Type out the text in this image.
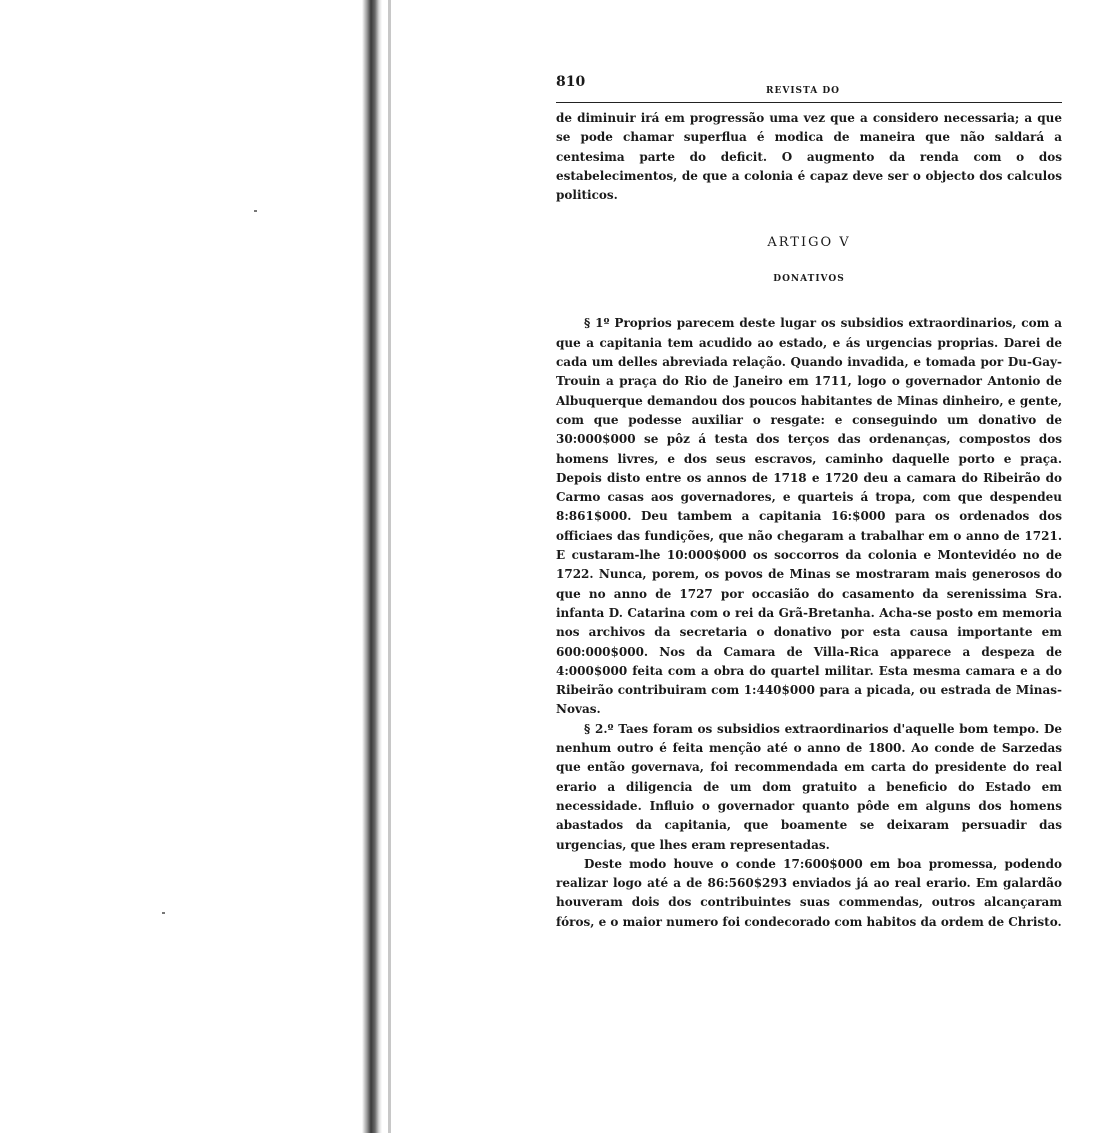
810
REVISTA DO

de diminuir irá em progressão uma vez que a considero necessaria; a que se pode chamar superflua é modica de maneira que não saldará a centesima parte do deficit. O augmento da renda com o dos estabelecimentos, de que a colonia é capaz deve ser o objecto dos calculos politicos.

ARTIGO V
DONATIVOS

§ 1º Proprios parecem deste lugar os subsidios extraordinarios, com a que a capitania tem acudido ao estado, e ás urgencias proprias. Darei de cada um delles abreviada relação. Quando invadida, e tomada por Du-Gay-Trouin a praça do Rio de Janeiro em 1711, logo o governador Antonio de Albuquerque demandou dos poucos habitantes de Minas dinheiro, e gente, com que podesse auxiliar o resgate: e conseguindo um donativo de 30:000$000 se pôz á testa dos terços das ordenanças, compostos dos homens livres, e dos seus escravos, caminho daquelle porto e praça. Depois disto entre os annos de 1718 e 1720 deu a camara do Ribeirão do Carmo casas aos governadores, e quarteis á tropa, com que despendeu 8:861$000. Deu tambem a capitania 16:$000 para os ordenados dos officiaes das fundições, que não chegaram a trabalhar em o anno de 1721. E custaram-lhe 10:000$000 os soccorros da colonia e Montevidéo no de 1722. Nunca, porem, os povos de Minas se mostraram mais generosos do que no anno de 1727 por occasião do casamento da serenissima Sra. infanta D. Catarina com o rei da Grã-Bretanha. Acha-se posto em memoria nos archivos da secretaria o donativo por esta causa importante em 600:000$000. Nos da Camara de Villa-Rica apparece a despeza de 4:000$000 feita com a obra do quartel militar. Esta mesma camara e a do Ribeirão contribuiram com 1:440$000 para a picada, ou estrada de Minas-Novas.

§ 2.º Taes foram os subsidios extraordinarios d'aquelle bom tempo. De nenhum outro é feita menção até o anno de 1800. Ao conde de Sarzedas que então governava, foi recommendada em carta do presidente do real erario a diligencia de um dom gratuito a beneficio do Estado em necessidade. Influio o governador quanto pôde em alguns dos homens abastados da capitania, que boamente se deixaram persuadir das urgencias, que lhes eram representadas.

Deste modo houve o conde 17:600$000 em boa promessa, podendo realizar logo até a de 86:560$293 enviados já ao real erario. Em galardão houveram dois dos contribuintes suas commendas, outros alcançaram fóros, e o maior numero foi condecorado com habitos da ordem de Christo.
